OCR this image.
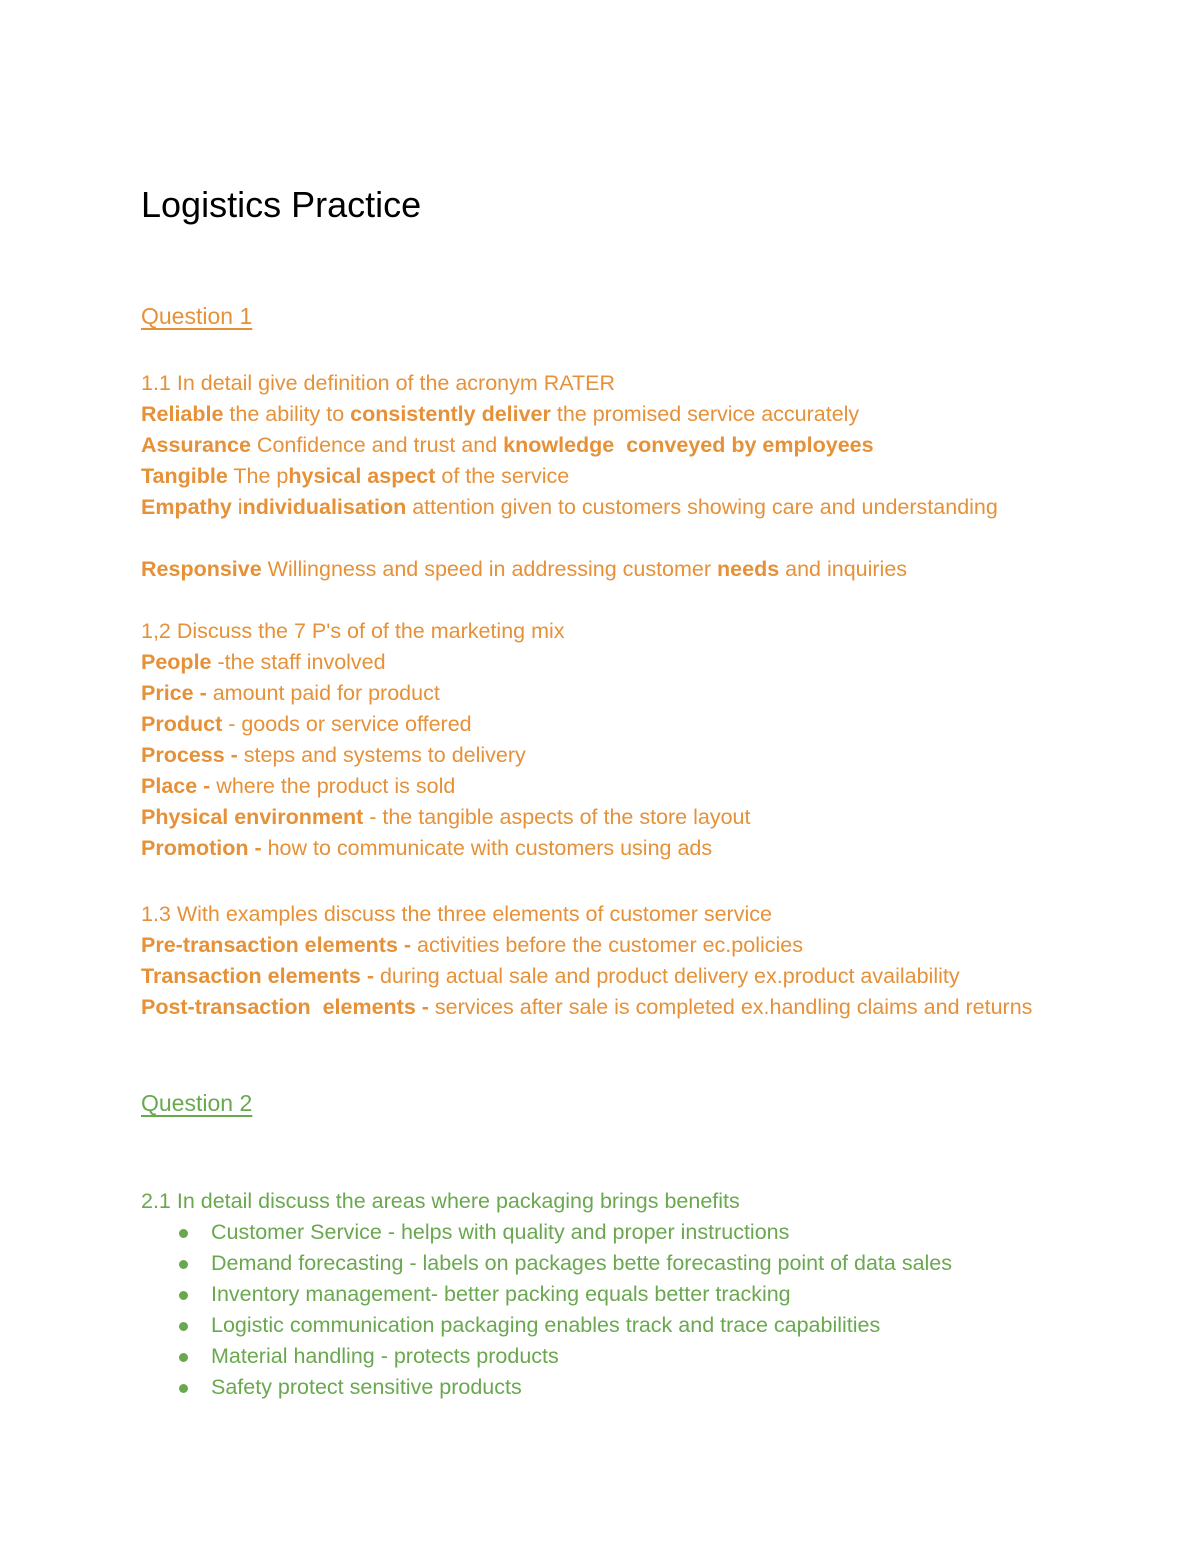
Logistics Practice
Question 1
1.1 In detail give definition of the acronym RATER
Reliable the ability to consistently deliver the promised service accurately
Assurance Confidence and trust and knowledge  conveyed by employees
Tangible The physical aspect of the service
Empathy individualisation attention given to customers showing care and understanding
Responsive Willingness and speed in addressing customer needs and inquiries
1,2 Discuss the 7 P's of of the marketing mix
People -the staff involved
Price - amount paid for product
Product - goods or service offered
Process - steps and systems to delivery
Place - where the product is sold
Physical environment - the tangible aspects of the store layout
Promotion - how to communicate with customers using ads
1.3 With examples discuss the three elements of customer service
Pre-transaction elements - activities before the customer ec.policies
Transaction elements - during actual sale and product delivery ex.product availability
Post-transaction  elements - services after sale is completed ex.handling claims and returns
Question 2
2.1 In detail discuss the areas where packaging brings benefits
Customer Service - helps with quality and proper instructions
Demand forecasting - labels on packages bette forecasting point of data sales
Inventory management- better packing equals better tracking
Logistic communication packaging enables track and trace capabilities
Material handling - protects products
Safety protect sensitive products
